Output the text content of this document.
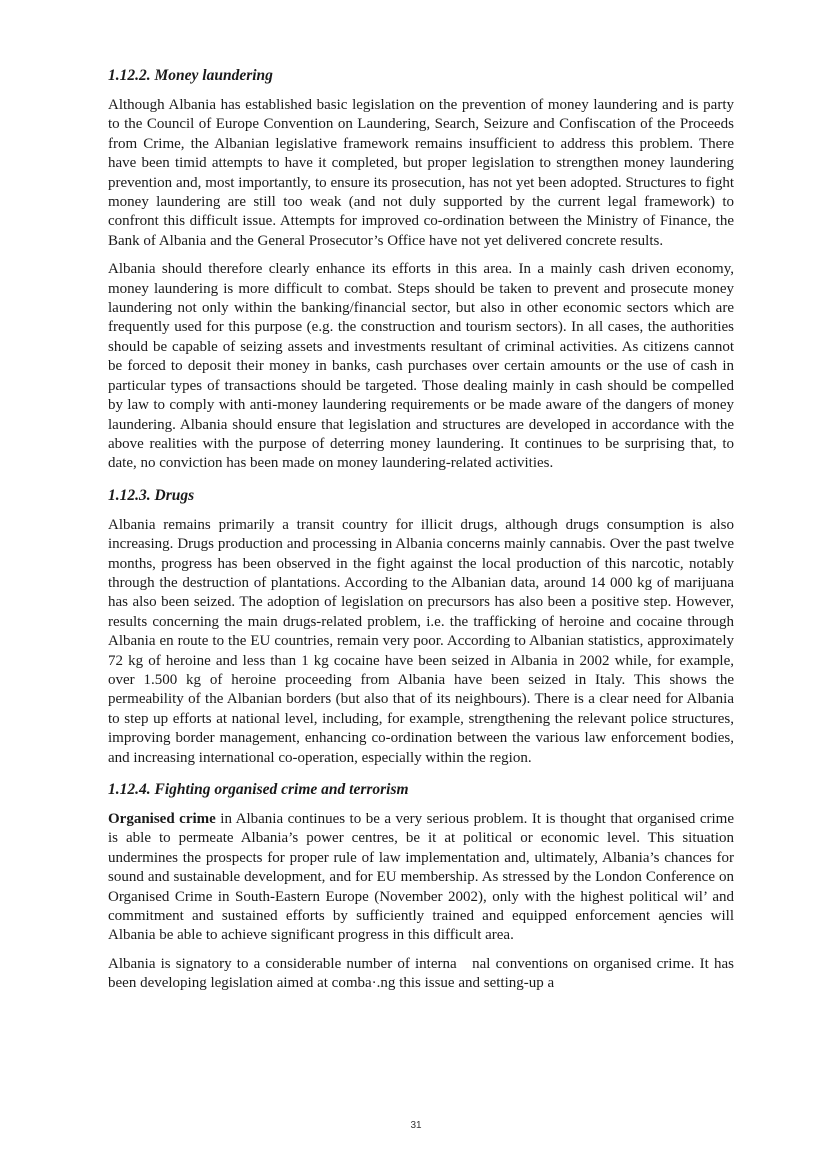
1.12.2. Money laundering

Although Albania has established basic legislation on the prevention of money laundering and is party to the Council of Europe Convention on Laundering, Search, Seizure and Confiscation of the Proceeds from Crime, the Albanian legislative framework remains insufficient to address this problem. There have been timid attempts to have it completed, but proper legislation to strengthen money laundering prevention and, most importantly, to ensure its prosecution, has not yet been adopted. Structures to fight money laundering are still too weak (and not duly supported by the current legal framework) to confront this difficult issue. Attempts for improved co-ordination between the Ministry of Finance, the Bank of Albania and the General Prosecutor’s Office have not yet delivered concrete results.

Albania should therefore clearly enhance its efforts in this area. In a mainly cash driven economy, money laundering is more difficult to combat. Steps should be taken to prevent and prosecute money laundering not only within the banking/financial sector, but also in other economic sectors which are frequently used for this purpose (e.g. the construction and tourism sectors). In all cases, the authorities should be capable of seizing assets and investments resultant of criminal activities. As citizens cannot be forced to deposit their money in banks, cash purchases over certain amounts or the use of cash in particular types of transactions should be targeted. Those dealing mainly in cash should be compelled by law to comply with anti-money laundering requirements or be made aware of the dangers of money laundering. Albania should ensure that legislation and structures are developed in accordance with the above realities with the purpose of deterring money laundering. It continues to be surprising that, to date, no conviction has been made on money laundering-related activities.

1.12.3. Drugs

Albania remains primarily a transit country for illicit drugs, although drugs consumption is also increasing. Drugs production and processing in Albania concerns mainly cannabis. Over the past twelve months, progress has been observed in the fight against the local production of this narcotic, notably through the destruction of plantations. According to the Albanian data, around 14 000 kg of marijuana has also been seized. The adoption of legislation on precursors has also been a positive step. However, results concerning the main drugs-related problem, i.e. the trafficking of heroine and cocaine through Albania en route to the EU countries, remain very poor. According to Albanian statistics, approximately 72 kg of heroine and less than 1 kg cocaine have been seized in Albania in 2002 while, for example, over 1.500 kg of heroine proceeding from Albania have been seized in Italy. This shows the permeability of the Albanian borders (but also that of its neighbours). There is a clear need for Albania to step up efforts at national level, including, for example, strengthening the relevant police structures, improving border management, enhancing co-ordination between the various law enforcement bodies, and increasing international co-operation, especially within the region.

1.12.4. Fighting organised crime and terrorism

Organised crime in Albania continues to be a very serious problem. It is thought that organised crime is able to permeate Albania’s power centres, be it at political or economic level. This situation undermines the prospects for proper rule of law implementation and, ultimately, Albania’s chances for sound and sustainable development, and for EU membership. As stressed by the London Conference on Organised Crime in South-Eastern Europe (November 2002), only with the highest political wil’ and commitment and sustained efforts by sufficiently trained and equipped enforcement a̧encies will Albania be able to achieve significant progress in this difficult area.

Albania is signatory to a considerable number of interna   nal conventions on organised crime. It has been developing legislation aimed at comba·.ng this issue and setting-up a

31
